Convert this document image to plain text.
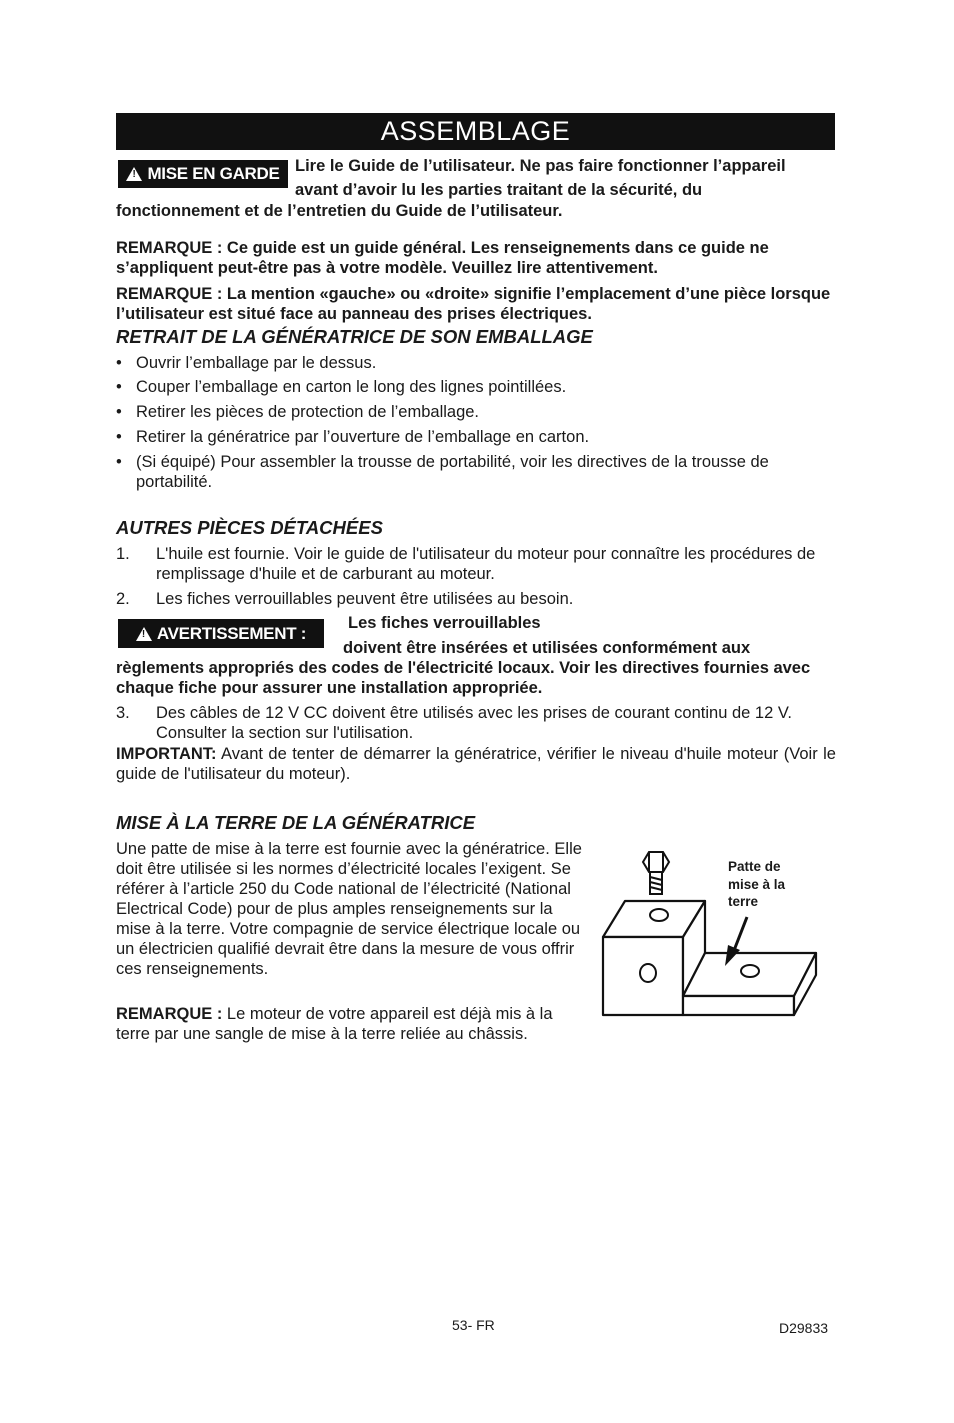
ASSEMBLAGE
!
MISE EN GARDE Lire le Guide de l’utilisateur. Ne pas faire fonctionner l’appareil
avant d’avoir lu les parties traitant de la sécurité, du
fonctionnement et de l’entretien du Guide de l’utilisateur.
REMARQUE : Ce guide est un guide général. Les renseignements dans ce guide ne s’appliquent peut-être pas à votre modèle. Veuillez lire attentivement.
REMARQUE : La mention «gauche» ou «droite» signifie l’emplacement d’une pièce lorsque l’utilisateur est situé face au panneau des prises électriques.
RETRAIT DE LA GÉNÉRATRICE DE SON EMBALLAGE
• Ouvrir l’emballage par le dessus.
• Couper l’emballage en carton le long des lignes pointillées.
• Retirer les pièces de protection de l’emballage.
• Retirer la génératrice par l’ouverture de l’emballage en carton.
• (Si équipé) Pour assembler la trousse de portabilité, voir les directives de la trousse de portabilité.
AUTRES PIÈCES DÉTACHÉES
1.	L'huile est fournie. Voir le guide de l'utilisateur du moteur pour connaître les procédures de remplissage d'huile et de carburant au moteur.
2.	Les fiches verrouillables peuvent être utilisées au besoin.
!
AVERTISSEMENT :
Les fiches verrouillables
doivent être insérées et utilisées conformément aux
règlements appropriés des codes de l'électricité locaux. Voir les directives fournies avec chaque fiche pour assurer une installation appropriée.
3.	Des câbles de 12 V CC doivent être utilisés avec les prises de courant continu de 12 V. Consulter la section sur l'utilisation.
IMPORTANT: Avant de tenter de démarrer la génératrice, vérifier le niveau d'huile moteur (Voir le guide de l'utilisateur du moteur).
MISE À LA TERRE DE LA GÉNÉRATRICE
Une patte de mise à la terre est fournie avec la génératrice. Elle doit être utilisée si les normes d’électricité locales l’exigent. Se référer à l’article 250 du Code national de l’électricité (National Electrical Code) pour de plus amples renseignements sur la mise à la terre. Votre compagnie de service électrique locale ou un électricien qualifié devrait être dans la mesure de vous offrir ces renseignements.
REMARQUE : Le moteur de votre appareil est déjà mis à la terre par une sangle de mise à la terre reliée au châssis.
Patte de
mise à la
terre
53- FR	D29833
